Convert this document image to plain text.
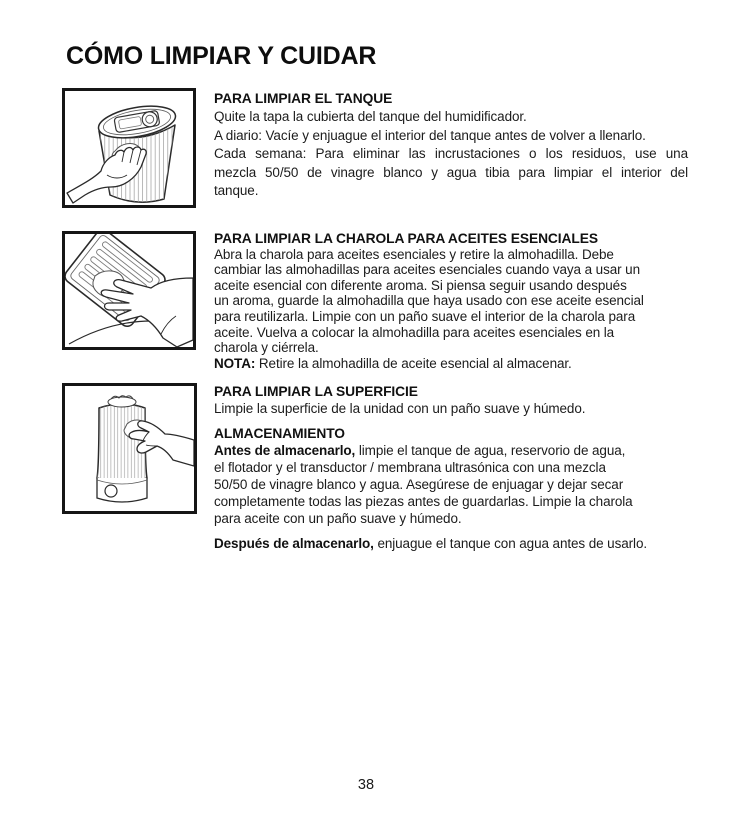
CÓMO LIMPIAR Y CUIDAR
PARA LIMPIAR EL TANQUE
Quite la tapa la cubierta del tanque del humidificador.
A diario: Vacíe y enjuague el interior del tanque antes de volver a llenarlo.
Cada semana: Para eliminar las incrustaciones o los residuos, use una
mezcla 50/50 de vinagre blanco y agua tibia para limpiar el interior del
tanque.
PARA LIMPIAR LA CHAROLA PARA ACEITES ESENCIALES
Abra la charola para aceites esenciales y retire la almohadilla. Debe
cambiar las almohadillas para aceites esenciales cuando vaya a usar un
aceite esencial con diferente aroma. Si piensa seguir usando después
un aroma, guarde la almohadilla que haya usado con ese aceite esencial
para reutilizarla. Limpie con un paño suave el interior de la charola para
aceite. Vuelva a colocar la almohadilla para aceites esenciales en la
charola y ciérrela.
NOTA: Retire la almohadilla de aceite esencial al almacenar.
PARA LIMPIAR LA SUPERFICIE
Limpie la superficie de la unidad con un paño suave y húmedo.
ALMACENAMIENTO
Antes de almacenarlo, limpie el tanque de agua, reservorio de agua,
el flotador y el transductor / membrana ultrasónica con una mezcla
50/50 de vinagre blanco y agua. Asegúrese de enjuagar y dejar secar
completamente todas las piezas antes de guardarlas. Limpie la charola
para aceite con un paño suave y húmedo.
Después de almacenarlo, enjuague el tanque con agua antes de usarlo.
38
